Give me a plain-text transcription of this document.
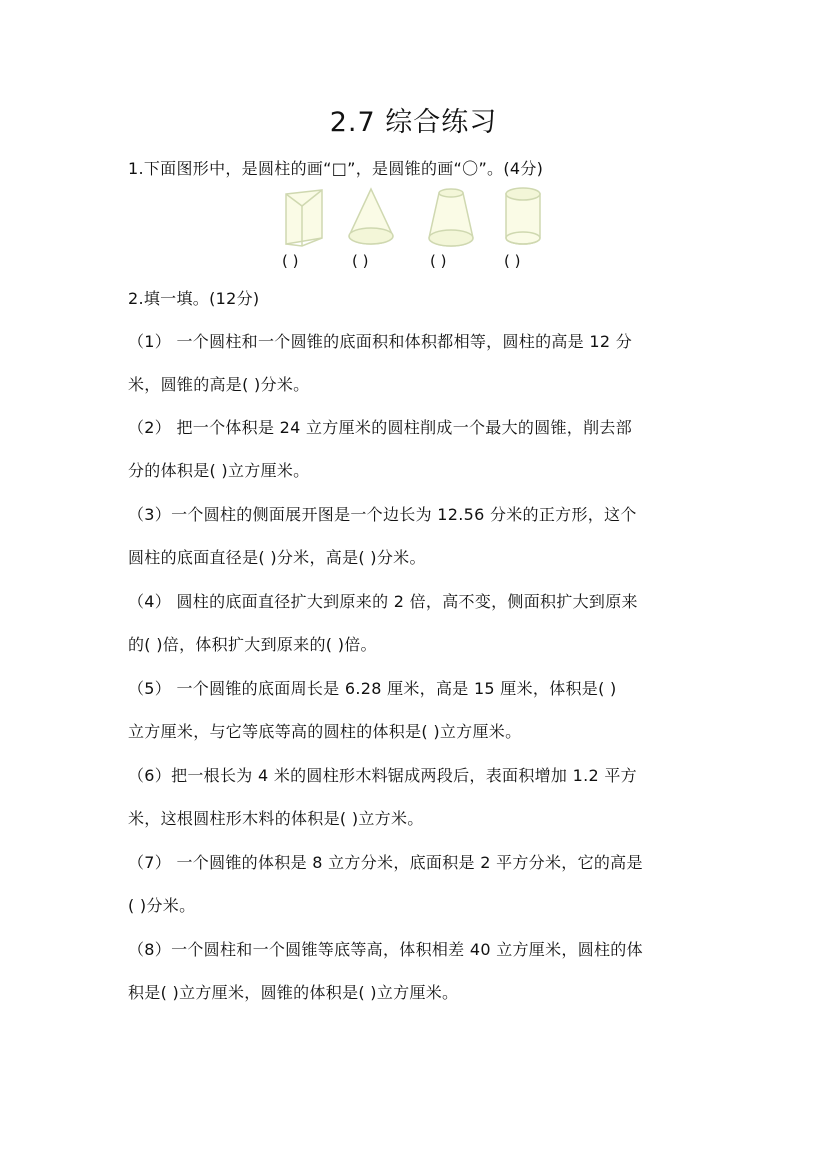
2.7 综合练习
1.下面图形中，是圆柱的画“□”，是圆锥的画“〇”。(4分)
( )	( )	( )	( )
2.填一填。(12分)
（1） 一个圆柱和一个圆锥的底面积和体积都相等，圆柱的高是 12 分
米，圆锥的高是( )分米。
（2） 把一个体积是 24 立方厘米的圆柱削成一个最大的圆锥，削去部
分的体积是( )立方厘米。
（3）一个圆柱的侧面展开图是一个边长为 12.56 分米的正方形，这个
圆柱的底面直径是( )分米，高是( )分米。
（4） 圆柱的底面直径扩大到原来的 2 倍，高不变，侧面积扩大到原来
的( )倍，体积扩大到原来的( )倍。
（5） 一个圆锥的底面周长是 6.28 厘米，高是 15 厘米，体积是( )
立方厘米，与它等底等高的圆柱的体积是( )立方厘米。
（6）把一根长为 4 米的圆柱形木料锯成两段后，表面积增加 1.2 平方
米，这根圆柱形木料的体积是( )立方米。
（7） 一个圆锥的体积是 8 立方分米，底面积是 2 平方分米，它的高是
( )分米。
（8）一个圆柱和一个圆锥等底等高，体积相差 40 立方厘米，圆柱的体
积是( )立方厘米，圆锥的体积是( )立方厘米。
